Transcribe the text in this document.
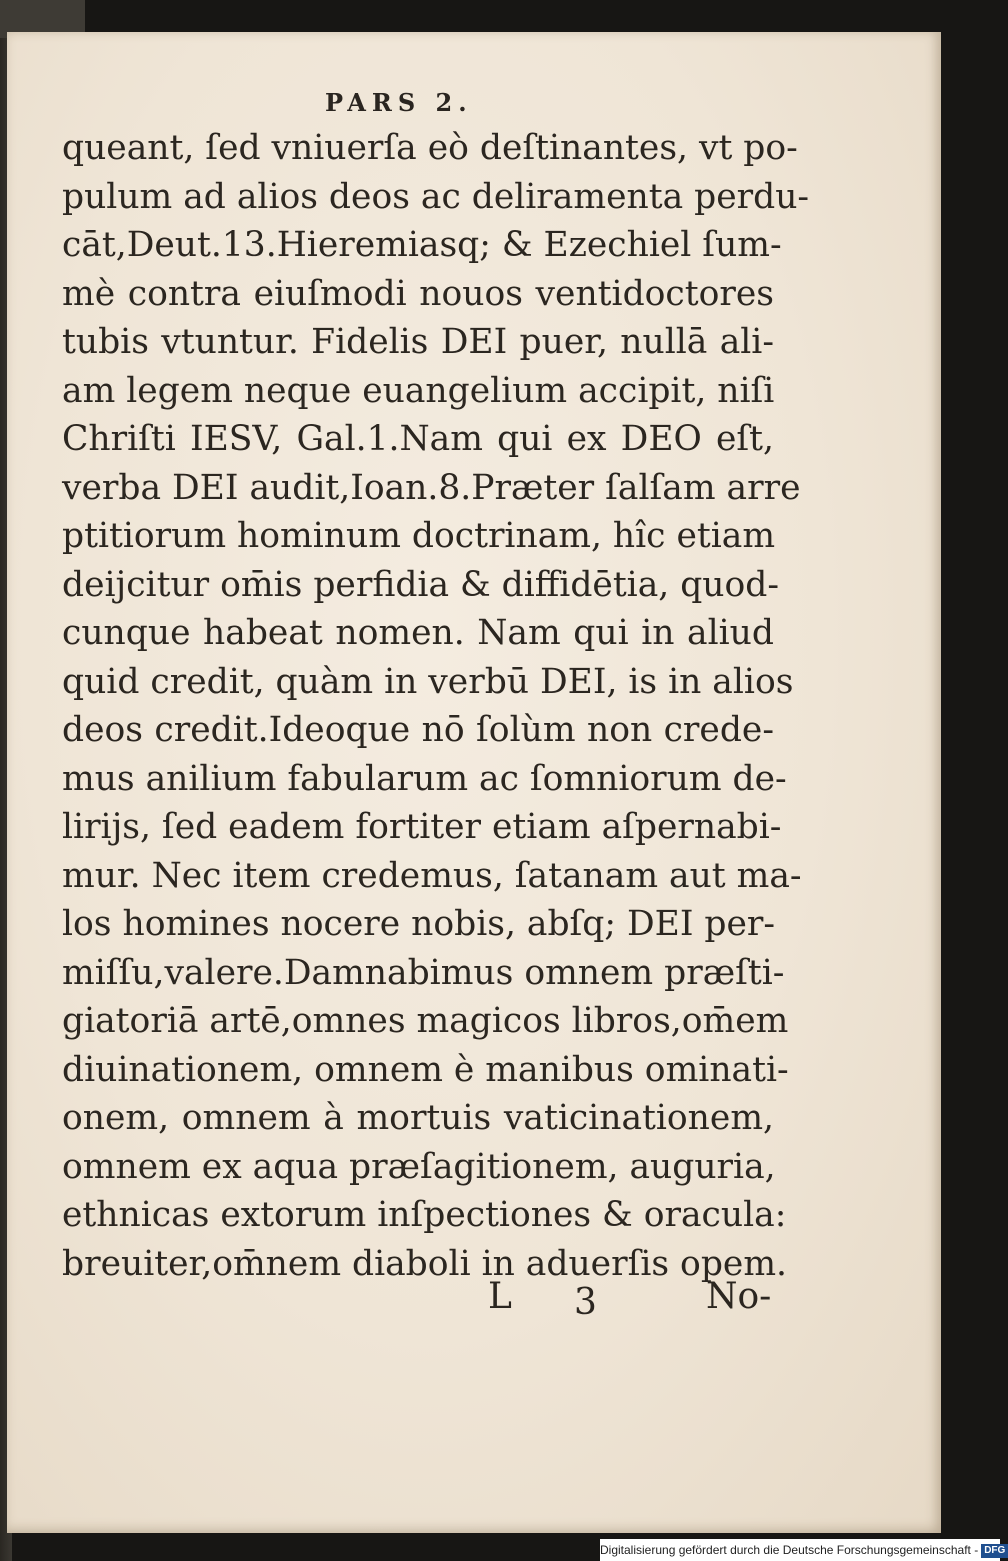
PARS 2.
queant, ſed vniuerſa eò deſtinantes, vt po-
pulum ad alios deos ac deliramenta perdu-
cāt,Deut.13.Hieremiasq; & Ezechiel ſum-
mè contra eiuſmodi nouos ventidoctores
tubis vtuntur. Fidelis DEI puer, nullā ali-
am legem neque euangelium accipit, niſi
Chriſti IESV, Gal.1.Nam qui ex DEO eſt,
verba DEI audit,Ioan.8.Præter ſalſam arre
ptitiorum hominum doctrinam, hîc etiam
deijcitur om̄is perfidia & diffidētia, quod-
cunque habeat nomen. Nam qui in aliud
quid credit, quàm in verbū DEI, is in alios
deos credit.Ideoque nō ſolùm non crede-
mus anilium fabularum ac ſomniorum de-
lirijs, ſed eadem fortiter etiam aſpernabi-
mur. Nec item credemus, ſatanam aut ma-
los homines nocere nobis, abſq; DEI per-
miſſu,valere.Damnabimus omnem præſti-
giatoriā artē,omnes magicos libros,om̄em
diuinationem, omnem è manibus ominati-
onem, omnem à mortuis vaticinationem,
omnem ex aqua præſagitionem, auguria,
ethnicas extorum inſpectiones & oracula:
breuiter,om̄nem diaboli in aduerſis opem.
L 3	No-
Digitalisierung gefördert durch die Deutsche Forschungsgemeinschaft - DFG
